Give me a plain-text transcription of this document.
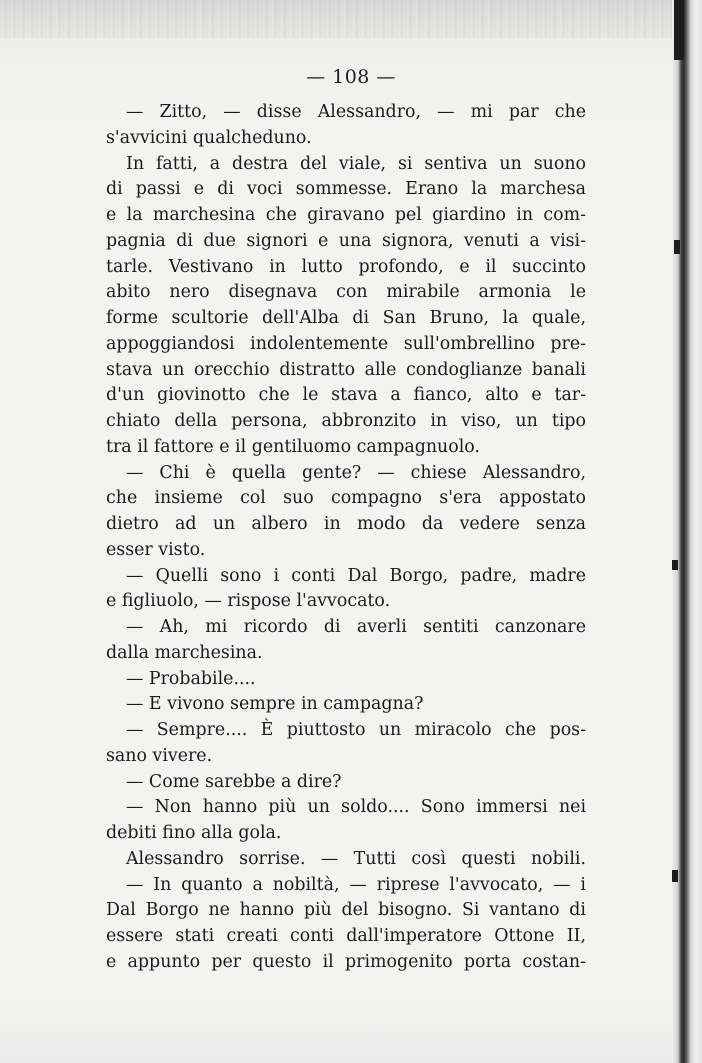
— 108 —
— Zitto, — disse Alessandro, — mi par che
s'avvicini qualcheduno.
In fatti, a destra del viale, si sentiva un suono
di passi e di voci sommesse. Erano la marchesa
e la marchesina che giravano pel giardino in com-
pagnia di due signori e una signora, venuti a visi-
tarle. Vestivano in lutto profondo, e il succinto
abito nero disegnava con mirabile armonia le
forme scultorie dell'Alba di San Bruno, la quale,
appoggiandosi indolentemente sull'ombrellino pre-
stava un orecchio distratto alle condoglianze banali
d'un giovinotto che le stava a fianco, alto e tar-
chiato della persona, abbronzito in viso, un tipo
tra il fattore e il gentiluomo campagnuolo.
— Chi è quella gente? — chiese Alessandro,
che insieme col suo compagno s'era appostato
dietro ad un albero in modo da vedere senza
esser visto.
— Quelli sono i conti Dal Borgo, padre, madre
e figliuolo, — rispose l'avvocato.
— Ah, mi ricordo di averli sentiti canzonare
dalla marchesina.
— Probabile....
— E vivono sempre in campagna?
— Sempre.... È piuttosto un miracolo che pos-
sano vivere.
— Come sarebbe a dire?
— Non hanno più un soldo.... Sono immersi nei
debiti fino alla gola.
Alessandro sorrise. — Tutti così questi nobili.
— In quanto a nobiltà, — riprese l'avvocato, — i
Dal Borgo ne hanno più del bisogno. Si vantano di
essere stati creati conti dall'imperatore Ottone II,
e appunto per questo il primogenito porta costan-
